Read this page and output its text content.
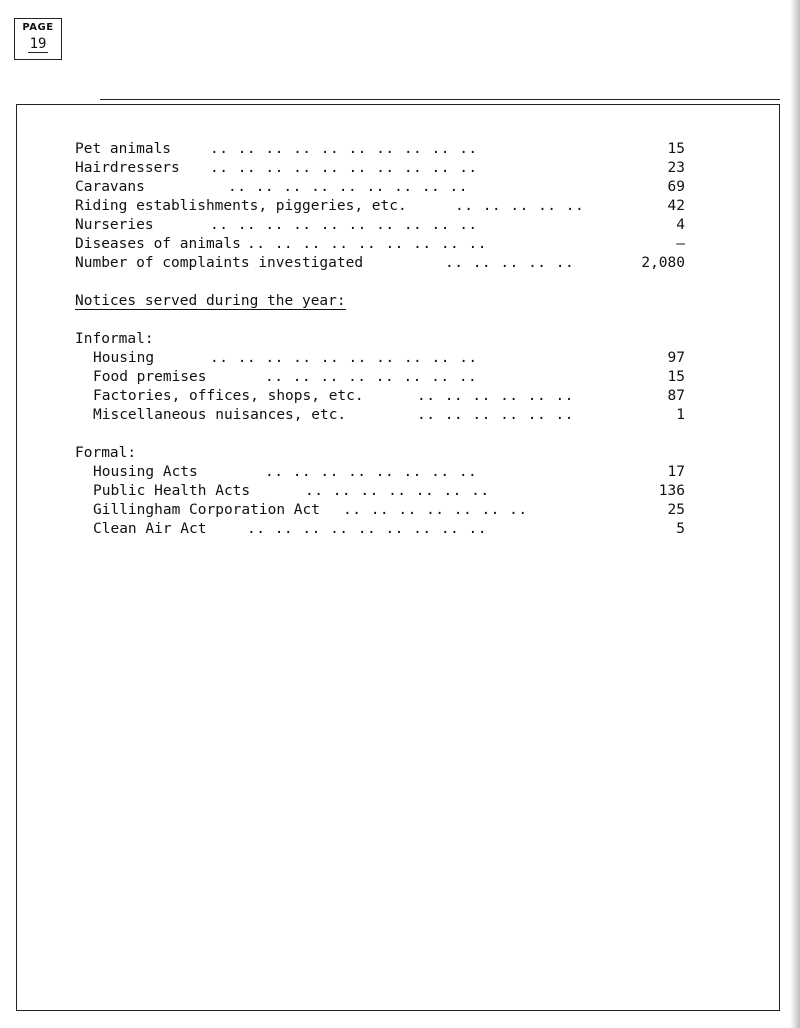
PAGE
19
Pet animals	.. .. .. .. .. .. .. .. .. ..	15
Hairdressers .. .. .. .. .. .. .. .. .. ..	23
Caravans	.. .. .. .. .. .. .. .. ..	69
Riding establishments, piggeries, etc.	.. .. .. .. ..	42
Nurseries	.. .. .. .. .. .. .. .. .. ..	4
Diseases of animals .. .. .. .. .. .. .. .. ..	–
Number of complaints investigated	.. .. .. .. ..	2,080
Notices served during the year:
Informal:
Housing	.. .. .. .. .. .. .. .. .. ..	97
Food premises	.. .. .. .. .. .. .. ..	15
Factories, offices, shops, etc.	.. .. .. .. .. ..	87
Miscellaneous nuisances, etc.	.. .. .. .. .. ..	1
Formal:
Housing Acts	.. .. .. .. .. .. .. ..	17
Public Health Acts	.. .. .. .. .. .. ..	136
Gillingham Corporation Act .. .. .. .. .. .. ..	25
Clean Air Act	.. .. .. .. .. .. .. .. ..	5
